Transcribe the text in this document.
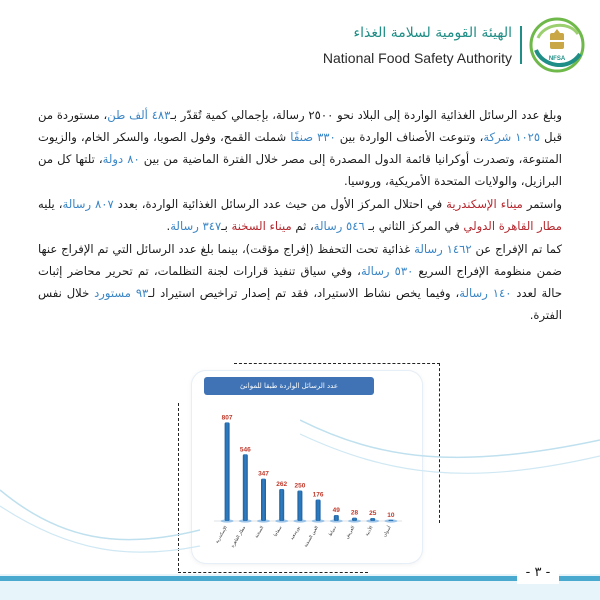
NFSA
الهيئة القومية لسلامة الغذاء
National Food Safety Authority

وبلغ عدد الرسائل الغذائية الواردة إلى البلاد نحو ٢٥٠٠ رسالة، بإجمالي كمية تُقدّر بـ٤٨٣ ألف طن، مستوردة من قبل ١٠٢٥ شركة، وتنوعت الأصناف الواردة بين ٣٣٠ صنفًا شملت القمح، وفول الصويا، والسكر الخام، والزيوت المتنوعة، وتصدرت أوكرانيا قائمة الدول المصدرة إلى مصر خلال الفترة الماضية من بين ٨٠ دولة، تلتها كل من البرازيل، والولايات المتحدة الأمريكية، وروسيا.

واستمر ميناء الإسكندرية في احتلال المركز الأول من حيث عدد الرسائل الغذائية الواردة، بعدد ٨٠٧ رسالة، يليه مطار القاهرة الدولي في المركز الثاني بـ ٥٤٦ رسالة، ثم ميناء السخنة بـ٣٤٧ رسالة.

كما تم الإفراج عن ١٤٦٢ رسالة غذائية تحت التحفظ (إفراج مؤقت)، بينما بلغ عدد الرسائل التي تم الإفراج عنها ضمن منظومة الإفراج السريع ٥٣٠ رسالة، وفي سياق تنفيذ قرارات لجنة التظلمات، تم تحرير محاضر إثبات حالة لعدد ١٤٠ رسالة، وفيما يخص نشاط الاستيراد، فقد تم إصدار تراخيص استيراد لـ٩٣ مستورد خلال نفس الفترة.

عدد الرسائل الواردة طبقا للموانئ
807
الإسكندرية
546
مطار القاهرة
347
السخنة
262
سفاجا
250
بورسعيد
176
العين السخنة
49
دمياط
28
العريش
25
الأدبية
10
أسوان
- ٣ -
